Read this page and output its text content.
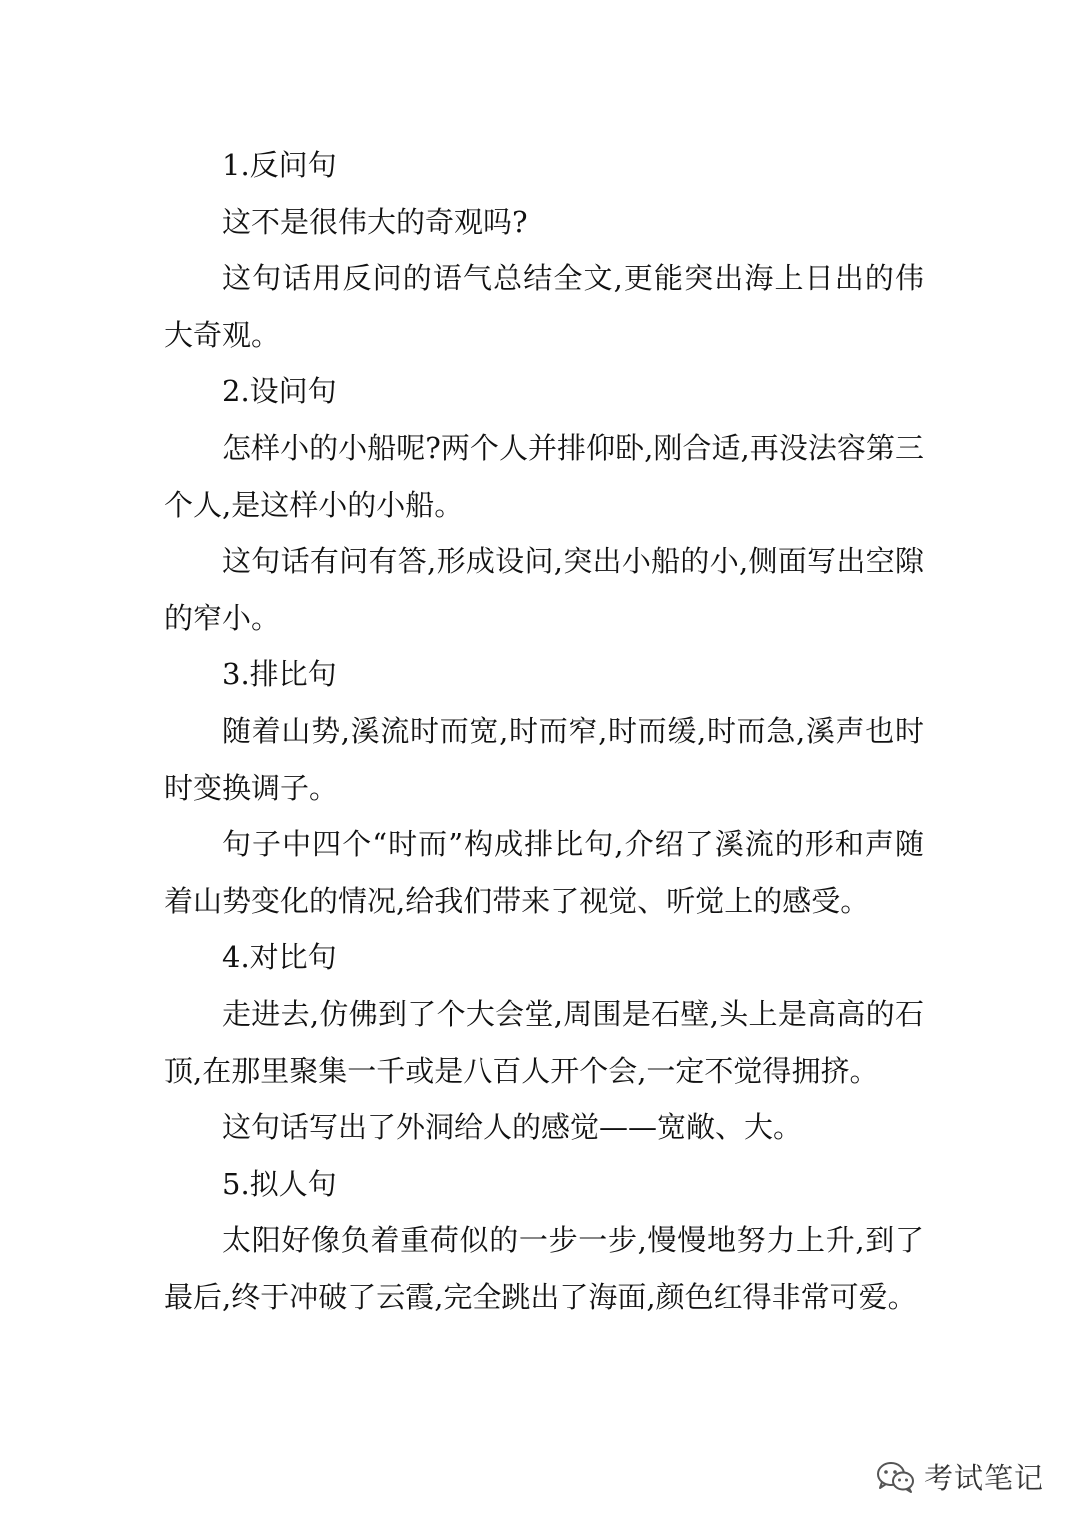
1.反问句

这不是很伟大的奇观吗?

这句话用反问的语气总结全文,更能突出海上日出的伟大奇观。

2.设问句

怎样小的小船呢?两个人并排仰卧,刚合适,再没法容第三个人,是这样小的小船。

这句话有问有答,形成设问,突出小船的小,侧面写出空隙的窄小。

3.排比句

随着山势,溪流时而宽,时而窄,时而缓,时而急,溪声也时时变换调子。

句子中四个“时而”构成排比句,介绍了溪流的形和声随着山势变化的情况,给我们带来了视觉、听觉上的感受。

4.对比句

走进去,仿佛到了个大会堂,周围是石壁,头上是高高的石顶,在那里聚集一千或是八百人开个会,一定不觉得拥挤。

这句话写出了外洞给人的感觉——宽敞、大。

5.拟人句

太阳好像负着重荷似的一步一步,慢慢地努力上升,到了最后,终于冲破了云霞,完全跳出了海面,颜色红得非常可爱。

考试笔记
